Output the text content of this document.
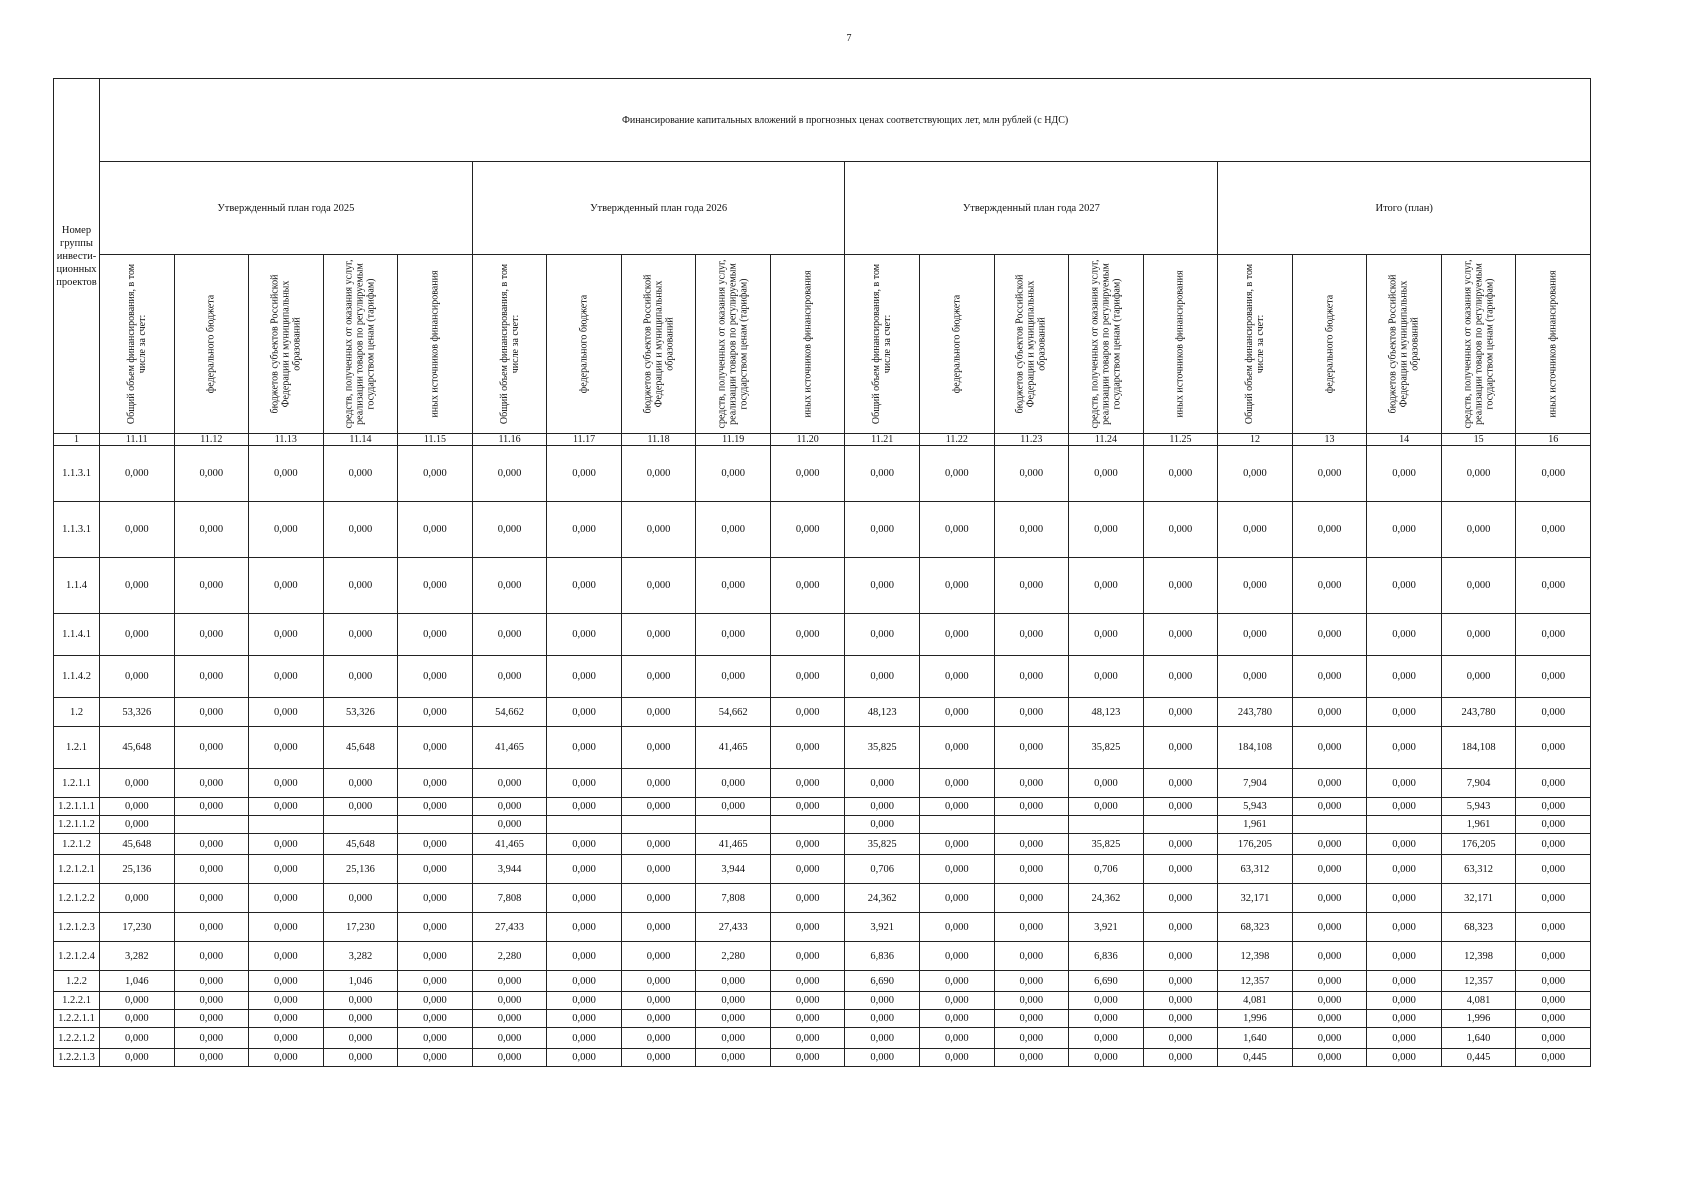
7
Номер группы инвести-ционных проектов	Финансирование капитальных вложений в прогнозных ценах соответствующих лет, млн рублей (с НДС)																			
	Утвержденный план года 2025					Утвержденный план года 2026					Утвержденный план года 2027					Итого (план)				

	Общий объем финансирования, в том числе за счет:	федерального бюджета	бюджетов субъектов Российской Федерации и муниципальных образований	средств, полученных от оказания услуг, реализации товаров по регулируемым государством ценам (тарифам)	иных источников финансирования	Общий объем финансирования, в том числе за счет:	федерального бюджета	бюджетов субъектов Российской Федерации и муниципальных образований	средств, полученных от оказания услуг, реализации товаров по регулируемым государством ценам (тарифам)	иных источников финансирования	Общий объем финансирования, в том числе за счет:	федерального бюджета	бюджетов субъектов Российской Федерации и муниципальных образований	средств, полученных от оказания услуг, реализации товаров по регулируемым государством ценам (тарифам)	иных источников финансирования	Общий объем финансирования, в том числе за счет:	федерального бюджета	бюджетов субъектов Российской Федерации и муниципальных образований	средств, полученных от оказания услуг, реализации товаров по регулируемым государством ценам (тарифам)	иных источников финансирования

1	11.11	11.12	11.13	11.14	11.15	11.16	11.17	11.18	11.19	11.20	11.21	11.22	11.23	11.24	11.25	12	13	14	15	16
1.1.3.1	0,000	0,000	0,000	0,000	0,000	0,000	0,000	0,000	0,000	0,000	0,000	0,000	0,000	0,000	0,000	0,000	0,000	0,000	0,000	0,000
1.1.3.1	0,000	0,000	0,000	0,000	0,000	0,000	0,000	0,000	0,000	0,000	0,000	0,000	0,000	0,000	0,000	0,000	0,000	0,000	0,000	0,000
1.1.4	0,000	0,000	0,000	0,000	0,000	0,000	0,000	0,000	0,000	0,000	0,000	0,000	0,000	0,000	0,000	0,000	0,000	0,000	0,000	0,000
1.1.4.1	0,000	0,000	0,000	0,000	0,000	0,000	0,000	0,000	0,000	0,000	0,000	0,000	0,000	0,000	0,000	0,000	0,000	0,000	0,000	0,000
1.1.4.2	0,000	0,000	0,000	0,000	0,000	0,000	0,000	0,000	0,000	0,000	0,000	0,000	0,000	0,000	0,000	0,000	0,000	0,000	0,000	0,000
1.2	53,326	0,000	0,000	53,326	0,000	54,662	0,000	0,000	54,662	0,000	48,123	0,000	0,000	48,123	0,000	243,780	0,000	0,000	243,780	0,000
1.2.1	45,648	0,000	0,000	45,648	0,000	41,465	0,000	0,000	41,465	0,000	35,825	0,000	0,000	35,825	0,000	184,108	0,000	0,000	184,108	0,000
1.2.1.1	0,000	0,000	0,000	0,000	0,000	0,000	0,000	0,000	0,000	0,000	0,000	0,000	0,000	0,000	0,000	7,904	0,000	0,000	7,904	0,000
1.2.1.1.1	0,000	0,000	0,000	0,000	0,000	0,000	0,000	0,000	0,000	0,000	0,000	0,000	0,000	0,000	0,000	5,943	0,000	0,000	5,943	0,000
1.2.1.1.2	0,000					0,000					0,000					1,961			1,961	0,000
1.2.1.2	45,648	0,000	0,000	45,648	0,000	41,465	0,000	0,000	41,465	0,000	35,825	0,000	0,000	35,825	0,000	176,205	0,000	0,000	176,205	0,000
1.2.1.2.1	25,136	0,000	0,000	25,136	0,000	3,944	0,000	0,000	3,944	0,000	0,706	0,000	0,000	0,706	0,000	63,312	0,000	0,000	63,312	0,000
1.2.1.2.2	0,000	0,000	0,000	0,000	0,000	7,808	0,000	0,000	7,808	0,000	24,362	0,000	0,000	24,362	0,000	32,171	0,000	0,000	32,171	0,000
1.2.1.2.3	17,230	0,000	0,000	17,230	0,000	27,433	0,000	0,000	27,433	0,000	3,921	0,000	0,000	3,921	0,000	68,323	0,000	0,000	68,323	0,000
1.2.1.2.4	3,282	0,000	0,000	3,282	0,000	2,280	0,000	0,000	2,280	0,000	6,836	0,000	0,000	6,836	0,000	12,398	0,000	0,000	12,398	0,000
1.2.2	1,046	0,000	0,000	1,046	0,000	0,000	0,000	0,000	0,000	0,000	6,690	0,000	0,000	6,690	0,000	12,357	0,000	0,000	12,357	0,000
1.2.2.1	0,000	0,000	0,000	0,000	0,000	0,000	0,000	0,000	0,000	0,000	0,000	0,000	0,000	0,000	0,000	4,081	0,000	0,000	4,081	0,000
1.2.2.1.1	0,000	0,000	0,000	0,000	0,000	0,000	0,000	0,000	0,000	0,000	0,000	0,000	0,000	0,000	0,000	1,996	0,000	0,000	1,996	0,000
1.2.2.1.2	0,000	0,000	0,000	0,000	0,000	0,000	0,000	0,000	0,000	0,000	0,000	0,000	0,000	0,000	0,000	1,640	0,000	0,000	1,640	0,000
1.2.2.1.3	0,000	0,000	0,000	0,000	0,000	0,000	0,000	0,000	0,000	0,000	0,000	0,000	0,000	0,000	0,000	0,445	0,000	0,000	0,445	0,000
